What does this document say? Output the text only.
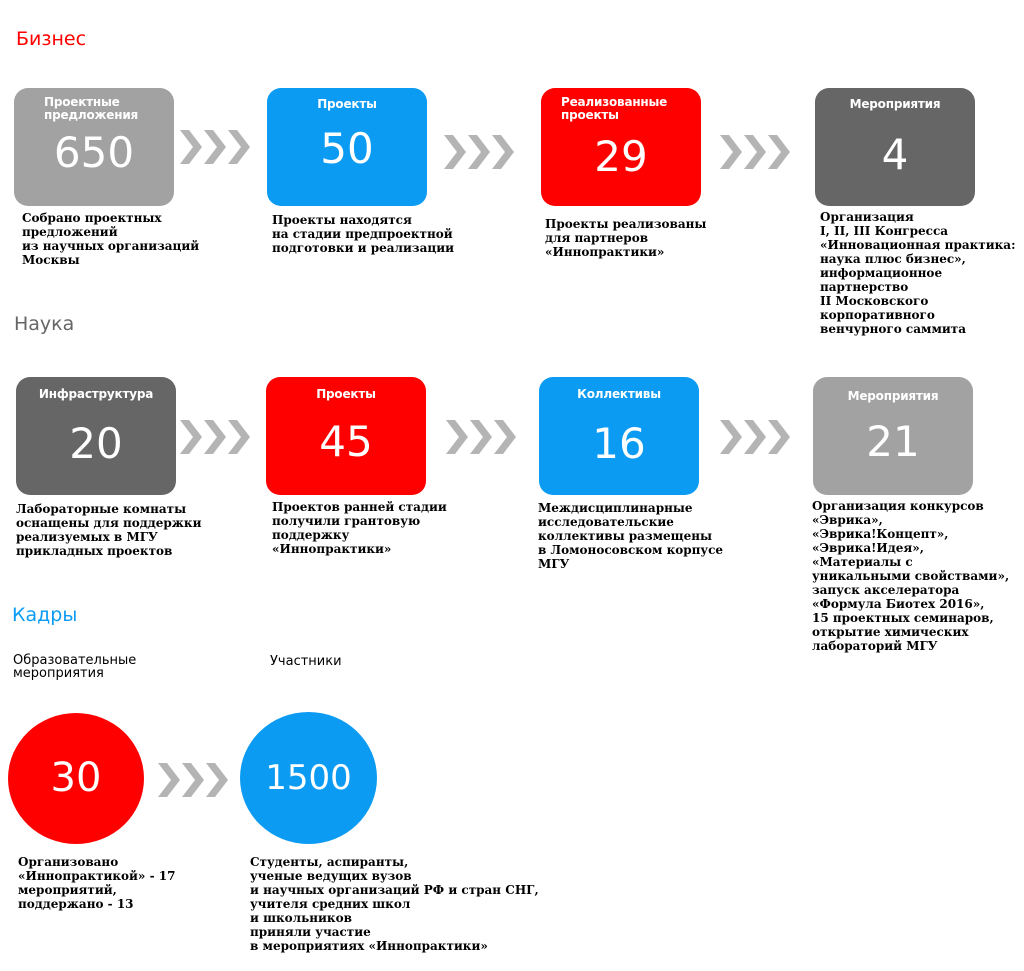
Бизнес
Проектные
предложения
650

Собрано проектных
предложений
из научных организаций
Москвы

Проекты
50

Проекты находятся
на стадии предпроектной
подготовки и реализации

Реализованные
проекты
29

Проекты реализованы
для партнеров
«Иннопрактики»

Мероприятия
4

Организация
I, II, III Конгресса
«Инновационная практика:
наука плюс бизнес»,
информационное
партнерство
II Московского
корпоративного
венчурного саммита

Наука
Инфраструктура
20

Лабораторные комнаты
оснащены для поддержки
реализуемых в МГУ
прикладных проектов

Проекты
45

Проектов ранней стадии
получили грантовую
поддержку
«Иннопрактики»

Коллективы
16

Междисциплинарные
исследовательские
коллективы размещены
в Ломоносовском корпусе
МГУ

Мероприятия
21

Организация конкурсов
«Эврика»,
«Эврика!Концепт»,
«Эврика!Идея»,
«Материалы с
уникальными свойствами»,
запуск акселератора
«Формула Биотех 2016»,
15 проектных семинаров,
открытие химических
лабораторий МГУ

Кадры

Образовательные
мероприятия

Участники

30	1500

Организовано
«Иннопрактикой» - 17
мероприятий,
поддержано - 13

Студенты, аспиранты,
ученые ведущих вузов
и научных организаций РФ и стран СНГ,
учителя средних школ
и школьников
приняли участие
в мероприятиях «Иннопрактики»
